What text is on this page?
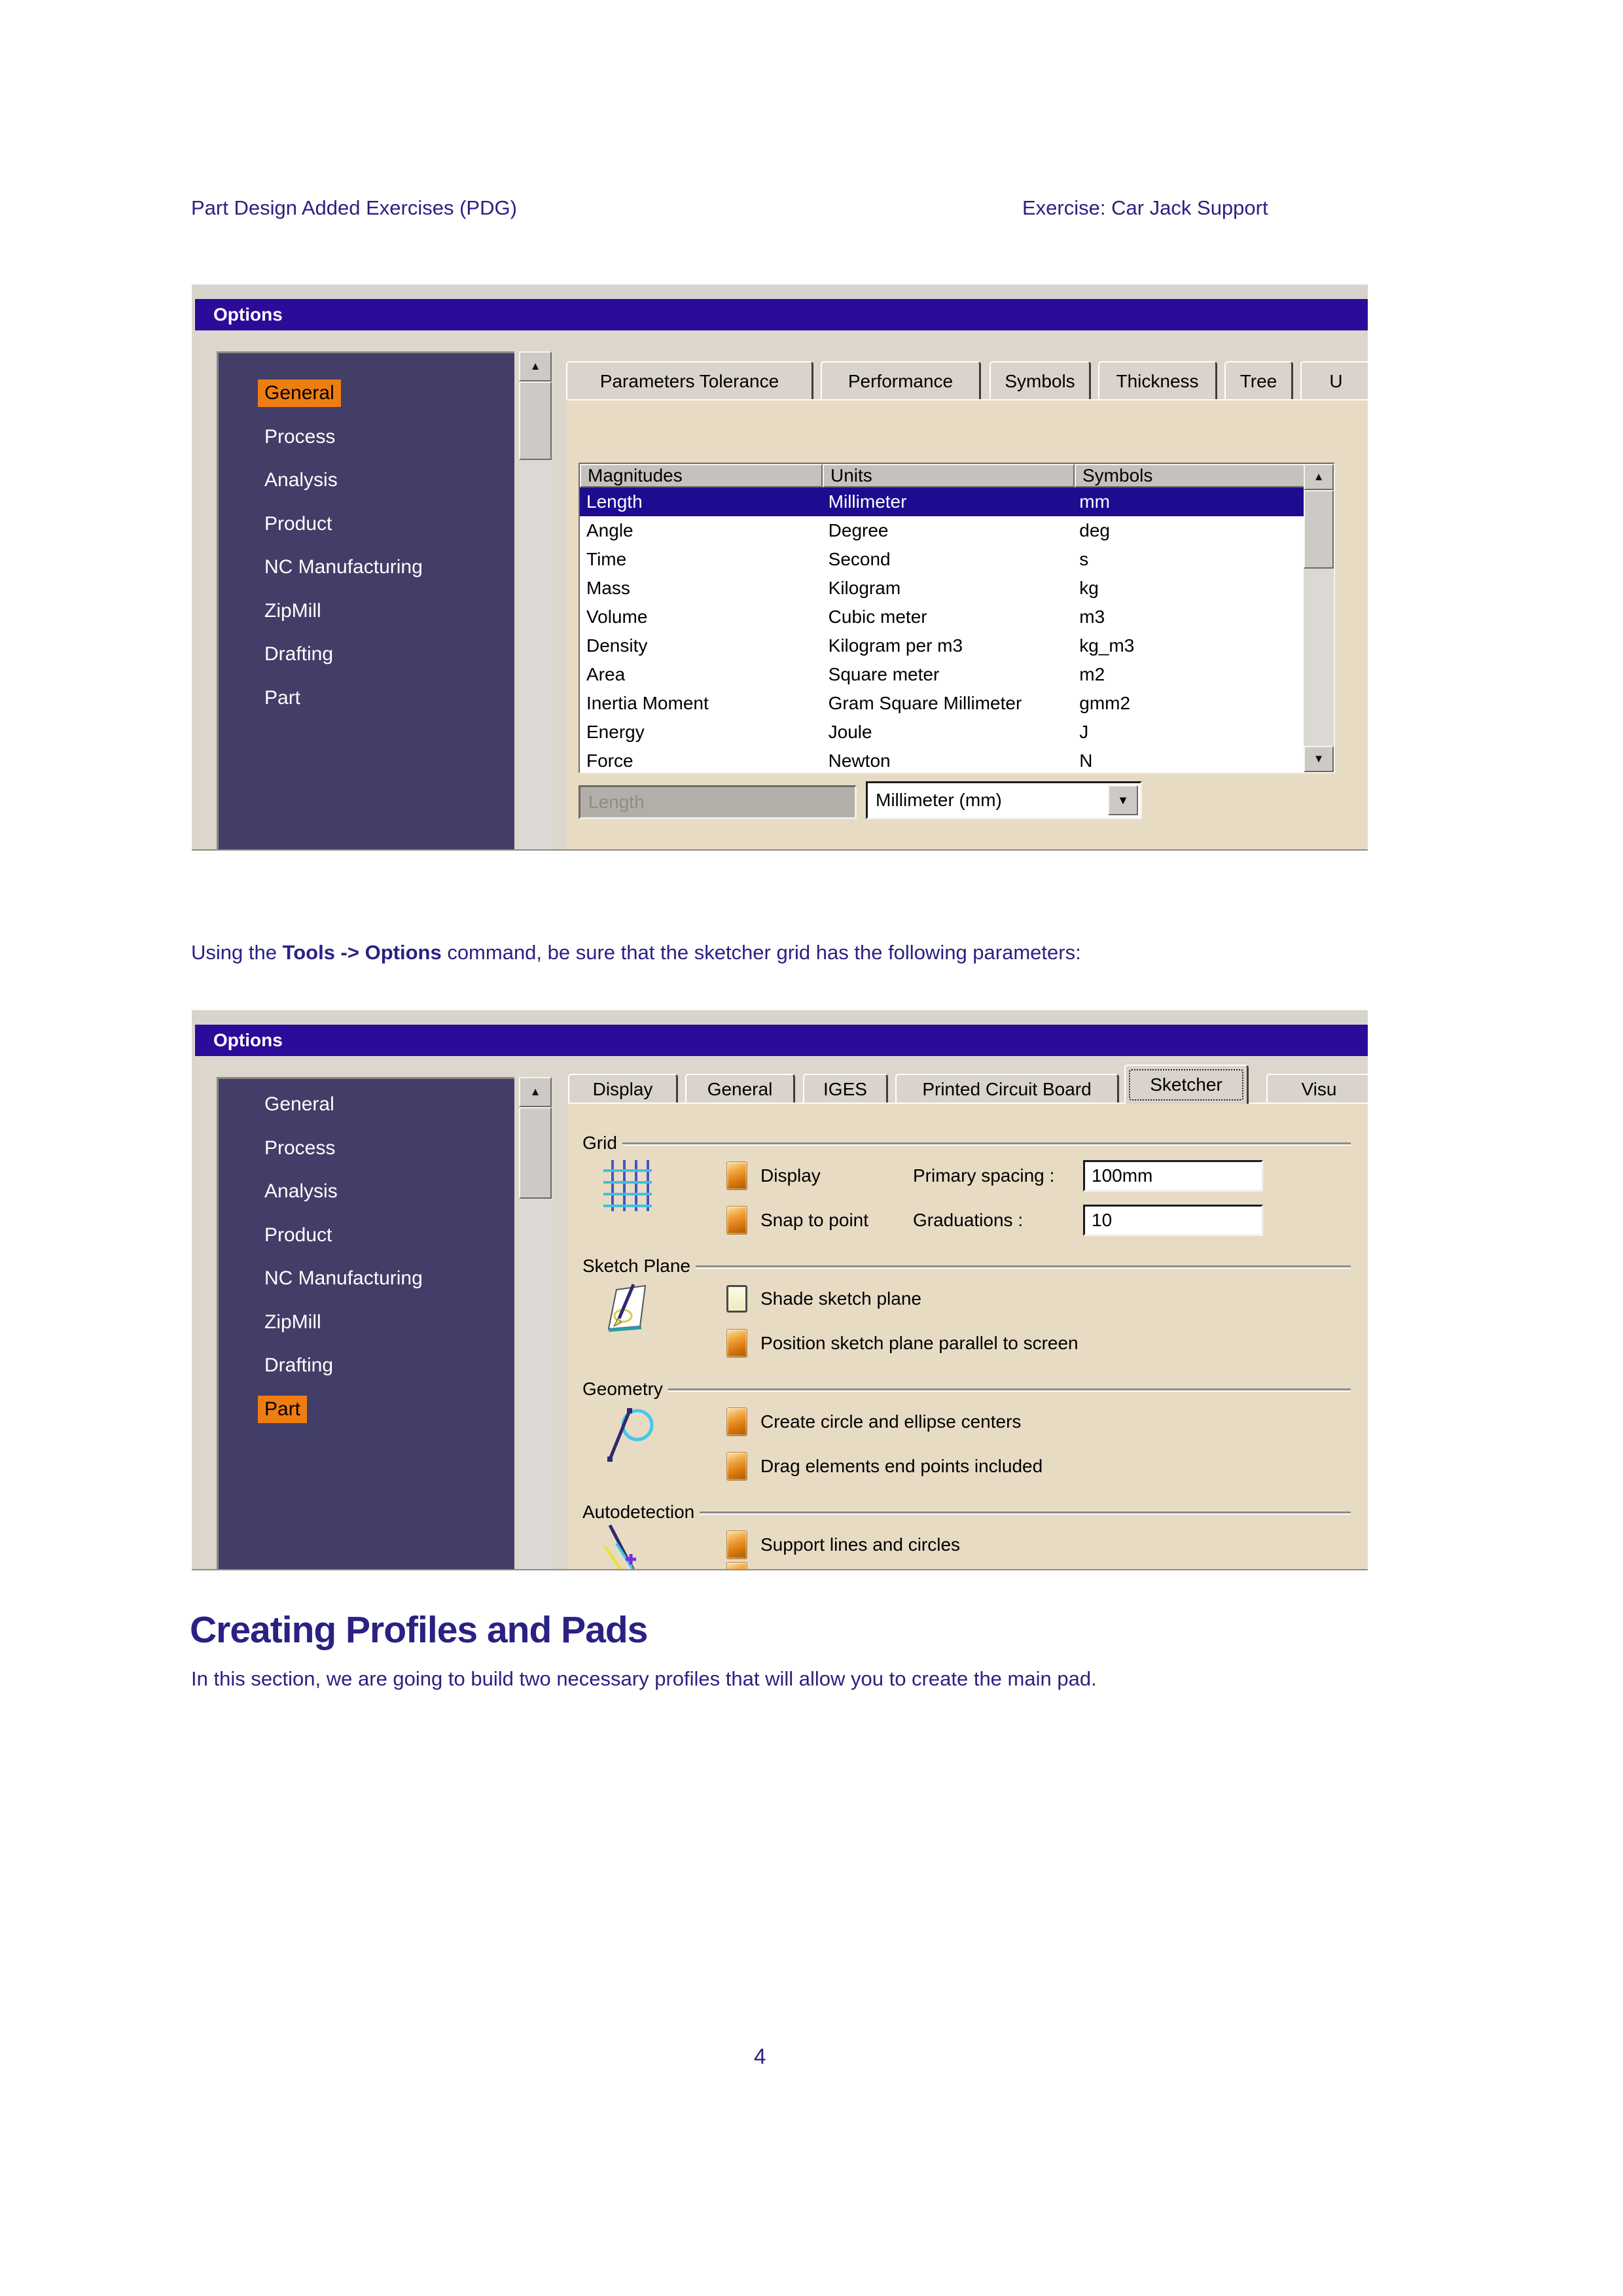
Part Design Added Exercises (PDG)	Exercise: Car Jack Support
Options
General
Process
Analysis
Product
NC Manufacturing
ZipMill
Drafting
Part
▲
Parameters Tolerance	Performance	Symbols Thickness Tree	U
Magnitudes	Units	Symbols
Length	Millimeter	mm
Angle	Degree	deg
Time	Second	s
Mass	Kilogram	kg
Volume	Cubic meter	m3
Density	Kilogram per m3	kg_m3
Area	Square meter	m2
Inertia Moment	Gram Square Millimeter	gmm2
Energy	Joule	J
Force	Newton	N
▲
▼
Length
Millimeter (mm)	▼
Using the Tools -> Options command, be sure that the sketcher grid has the following parameters:
Options
General
Process
Analysis
Product
NC Manufacturing
ZipMill
Drafting
Part
▲	Display	General	IGES	Printed Circuit Board	Sketcher	Visu
Grid
Display	Primary spacing :
100mm
Snap to point Graduations :
10
Sketch Plane
Shade sketch plane
Position sketch plane parallel to screen
Geometry
Create circle and ellipse centers
Drag elements end points included
Autodetection
Support lines and circles
Creating Profiles and Pads
In this section, we are going to build two necessary profiles that will allow you to create the main pad.
4
